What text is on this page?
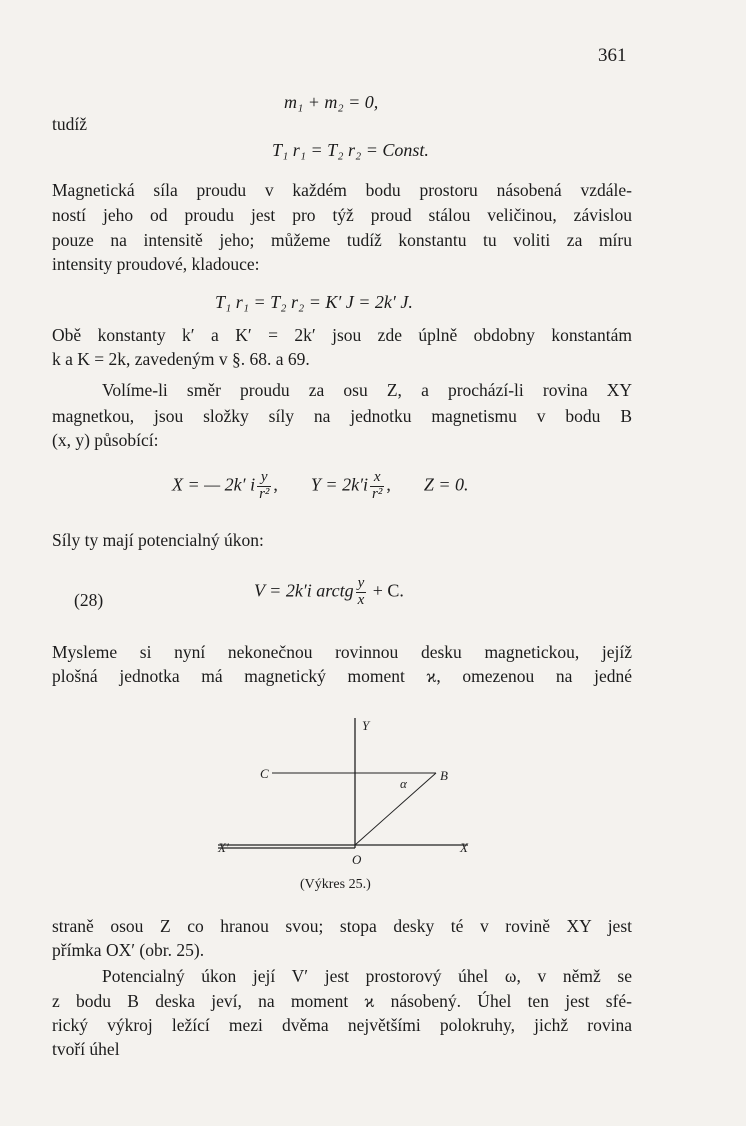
361
m₁ + m₂ = 0,
tudíž
T₁ r₁ = T₂ r₂ = Const.
Magnetická síla proudu v každém bodu prostoru násobená vzdále-
ností jeho od proudu jest pro týž proud stálou veličinou, závislou
pouze na intensitě jeho; můžeme tudíž konstantu tu voliti za míru
intensity proudové, kladouce:
T₁ r₁ = T₂ r₂ = K′ J = 2k′ J.
Obě konstanty k′ a K′ = 2k′ jsou zde úplně obdobny konstantám
k a K = 2k, zavedeným v §. 68. a 69.
Volíme-li směr proudu za osu Z, a prochází-li rovina XY
magnetkou, jsou složky síly na jednotku magnetismu v bodu B
(x, y) působící:
X = — 2k′ i $\frac{y}{\text{r²}}$ , $Y = 2k'i \frac{x}{\text{r²}}$ , Z = 0.
Síly ty mají potencialný úkon:
(28)	V = 2k′i arctg $\frac{y}{x} + C$.
Mysleme si nyní nekonečnou rovinnou desku magnetickou, jejíž
plošná jednotka má magnetický moment ϰ, omezenou na jedné
Y
C	B
α
X′	X
O
(Výkres 25.)
straně osou Z co hranou svou; stopa desky té v rovině XY jest
přímka OX′ (obr. 25).
Potencialný úkon její V′ jest prostorový úhel ω, v němž se
z bodu B deska jeví, na moment ϰ násobený. Úhel ten jest sfé-
rický výkroj ležící mezi dvěma největšími polokruhy, jichž rovina
tvoří úhel
